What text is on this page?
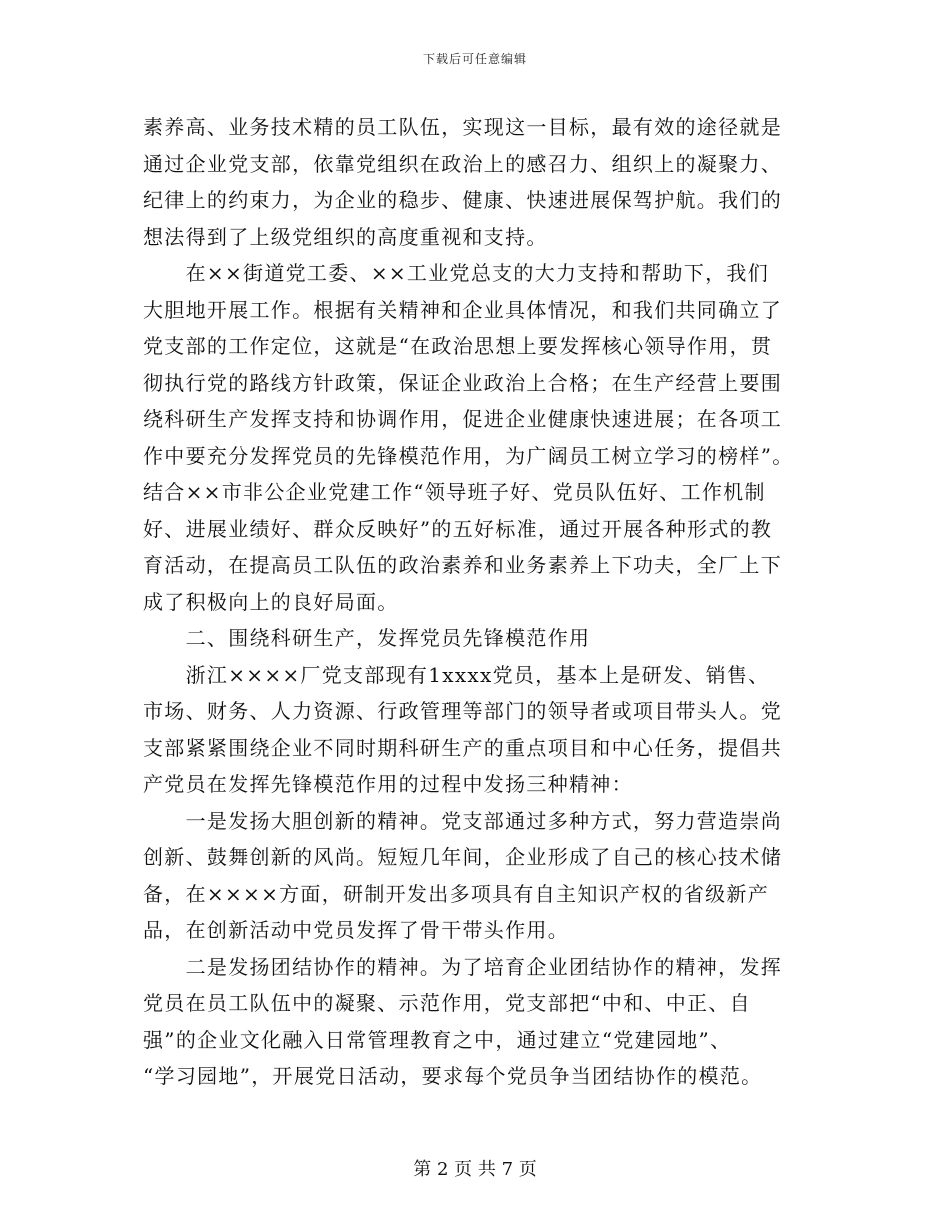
下载后可任意编辑
素养高、业务技术精的员工队伍，实现这一目标，最有效的途径就是
通过企业党支部，依靠党组织在政治上的感召力、组织上的凝聚力、
纪律上的约束力，为企业的稳步、健康、快速进展保驾护航。我们的
想法得到了上级党组织的高度重视和支持。
　　在××街道党工委、××工业党总支的大力支持和帮助下，我们
大胆地开展工作。根据有关精神和企业具体情况，和我们共同确立了
党支部的工作定位，这就是“在政治思想上要发挥核心领导作用，贯
彻执行党的路线方针政策，保证企业政治上合格；在生产经营上要围
绕科研生产发挥支持和协调作用，促进企业健康快速进展；在各项工
作中要充分发挥党员的先锋模范作用，为广阔员工树立学习的榜样”。
结合××市非公企业党建工作“领导班子好、党员队伍好、工作机制
好、进展业绩好、群众反映好”的五好标准，通过开展各种形式的教
育活动，在提高员工队伍的政治素养和业务素养上下功夫，全厂上下
成了积极向上的良好局面。
　　二、围绕科研生产，发挥党员先锋模范作用
　　浙江××××厂党支部现有1xxxx党员，基本上是研发、销售、
市场、财务、人力资源、行政管理等部门的领导者或项目带头人。党
支部紧紧围绕企业不同时期科研生产的重点项目和中心任务，提倡共
产党员在发挥先锋模范作用的过程中发扬三种精神：
　　一是发扬大胆创新的精神。党支部通过多种方式，努力营造崇尚
创新、鼓舞创新的风尚。短短几年间，企业形成了自己的核心技术储
备，在××××方面，研制开发出多项具有自主知识产权的省级新产
品，在创新活动中党员发挥了骨干带头作用。
　　二是发扬团结协作的精神。为了培育企业团结协作的精神，发挥
党员在员工队伍中的凝聚、示范作用，党支部把“中和、中正、自
强”的企业文化融入日常管理教育之中，通过建立“党建园地”、
“学习园地”，开展党日活动，要求每个党员争当团结协作的模范。
第 2 页 共 7 页
